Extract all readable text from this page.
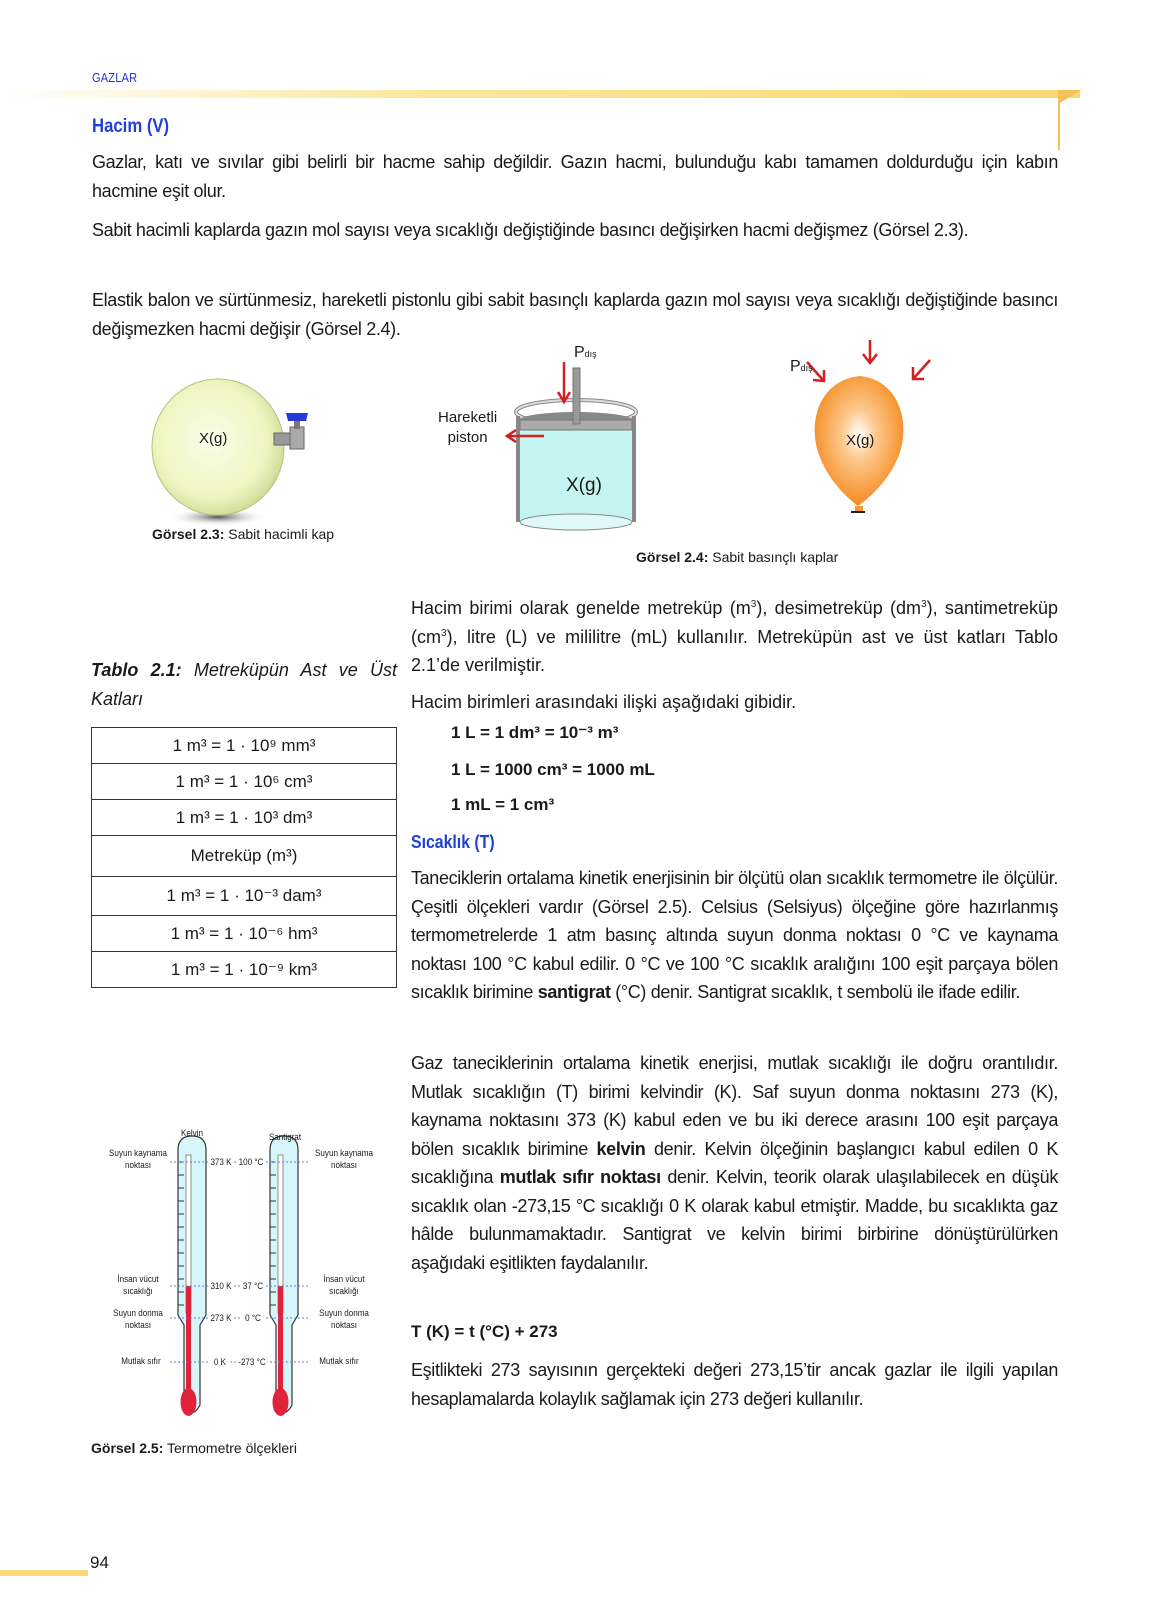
GAZLAR
Hacim (V)
Gazlar, katı ve sıvılar gibi belirli bir hacme sahip değildir. Gazın hacmi, bulunduğu kabı tamamen doldurduğu için kabın hacmine eşit olur.
Sabit hacimli kaplarda gazın mol sayısı veya sıcaklığı değiştiğinde basıncı değişirken hacmi değişmez (Görsel 2.3).
Elastik balon ve sürtünmesiz, hareketli pistonlu gibi sabit basınçlı kaplarda gazın mol sayısı veya sıcaklığı değiştiğinde basıncı değişmezken hacmi değişir (Görsel 2.4).
X(g)
Görsel 2.3: Sabit hacimli kap
Pdış
Hareketli
piston
X(g)
Pdış
X(g)
Görsel 2.4: Sabit basınçlı kaplar
Hacim birimi olarak genelde metreküp $(m^3)$, desimetreküp $(dm^3)$, santimetreküp $(cm^3)$, litre (L) ve mililitre (mL) kullanılır. Metreküpün ast ve üst katları Tablo 2.1’de verilmiştir.
Hacim birimleri arasındaki ilişki aşağıdaki gibidir.
1 L = 1 dm³ = 10⁻³ m³
1 L = 1000 cm³ = 1000 mL
1 mL = 1 cm³
Tablo 2.1: Metreküpün Ast ve Üst Katları
1 m³ = 1 · 10⁹ mm³
1 m³ = 1 · 10⁶ cm³
1 m³ = 1 · 10³ dm³
Metreküp (m³)
1 m³ = 1 · 10⁻³ dam³
1 m³ = 1 · 10⁻⁶ hm³
1 m³ = 1 · 10⁻⁹ km³
Sıcaklık (T)
Taneciklerin ortalama kinetik enerjisinin bir ölçütü olan sıcaklık termometre ile ölçülür. Çeşitli ölçekleri vardır (Görsel 2.5). Celsius (Selsiyus) ölçeğine göre hazırlanmış termometrelerde 1 atm basınç altında suyun donma noktası 0 °C ve kaynama noktası 100 °C kabul edilir. 0 °C ve 100 °C sıcaklık aralığını 100 eşit parçaya bölen sıcaklık birimine santigrat (°C) denir. Santigrat sıcaklık, t sembolü ile ifade edilir.
Gaz taneciklerinin ortalama kinetik enerjisi, mutlak sıcaklığı ile doğru orantılıdır. Mutlak sıcaklığın (T) birimi kelvindir (K). Saf suyun donma noktasını 273 (K), kaynama noktasını 373 (K) kabul eden ve bu iki derece arasını 100 eşit parçaya bölen sıcaklık birimine kelvin denir. Kelvin ölçeğinin başlangıcı kabul edilen 0 K sıcaklığına mutlak sıfır noktası denir. Kelvin, teorik olarak ulaşılabilecek en düşük sıcaklık olan -273,15 °C sıcaklığı 0 K olarak kabul etmiştir. Madde, bu sıcaklıkta gaz hâlde bulunmamaktadır. Santigrat ve kelvin birimi birbirine dönüştürülürken aşağıdaki eşitlikten faydalanılır.
T (K) = t (°C) + 273
Eşitlikteki 273 sayısının gerçekteki değeri 273,15’tir ancak gazlar ile ilgili yapılan hesaplamalarda kolaylık sağlamak için 273 değeri kullanılır.
Kelvin	Santigrat
Suyun kaynama noktası
Suyun kaynama noktası
İnsan vücut sıcaklığı
İnsan vücut sıcaklığı
Suyun donma noktası
Suyun donma noktası
Mutlak sıfır	Mutlak sıfır
373 K
310 K
273 K
0 K
100 °C
37 °C
0 °C
-273 °C
Görsel 2.5: Termometre ölçekleri
94
